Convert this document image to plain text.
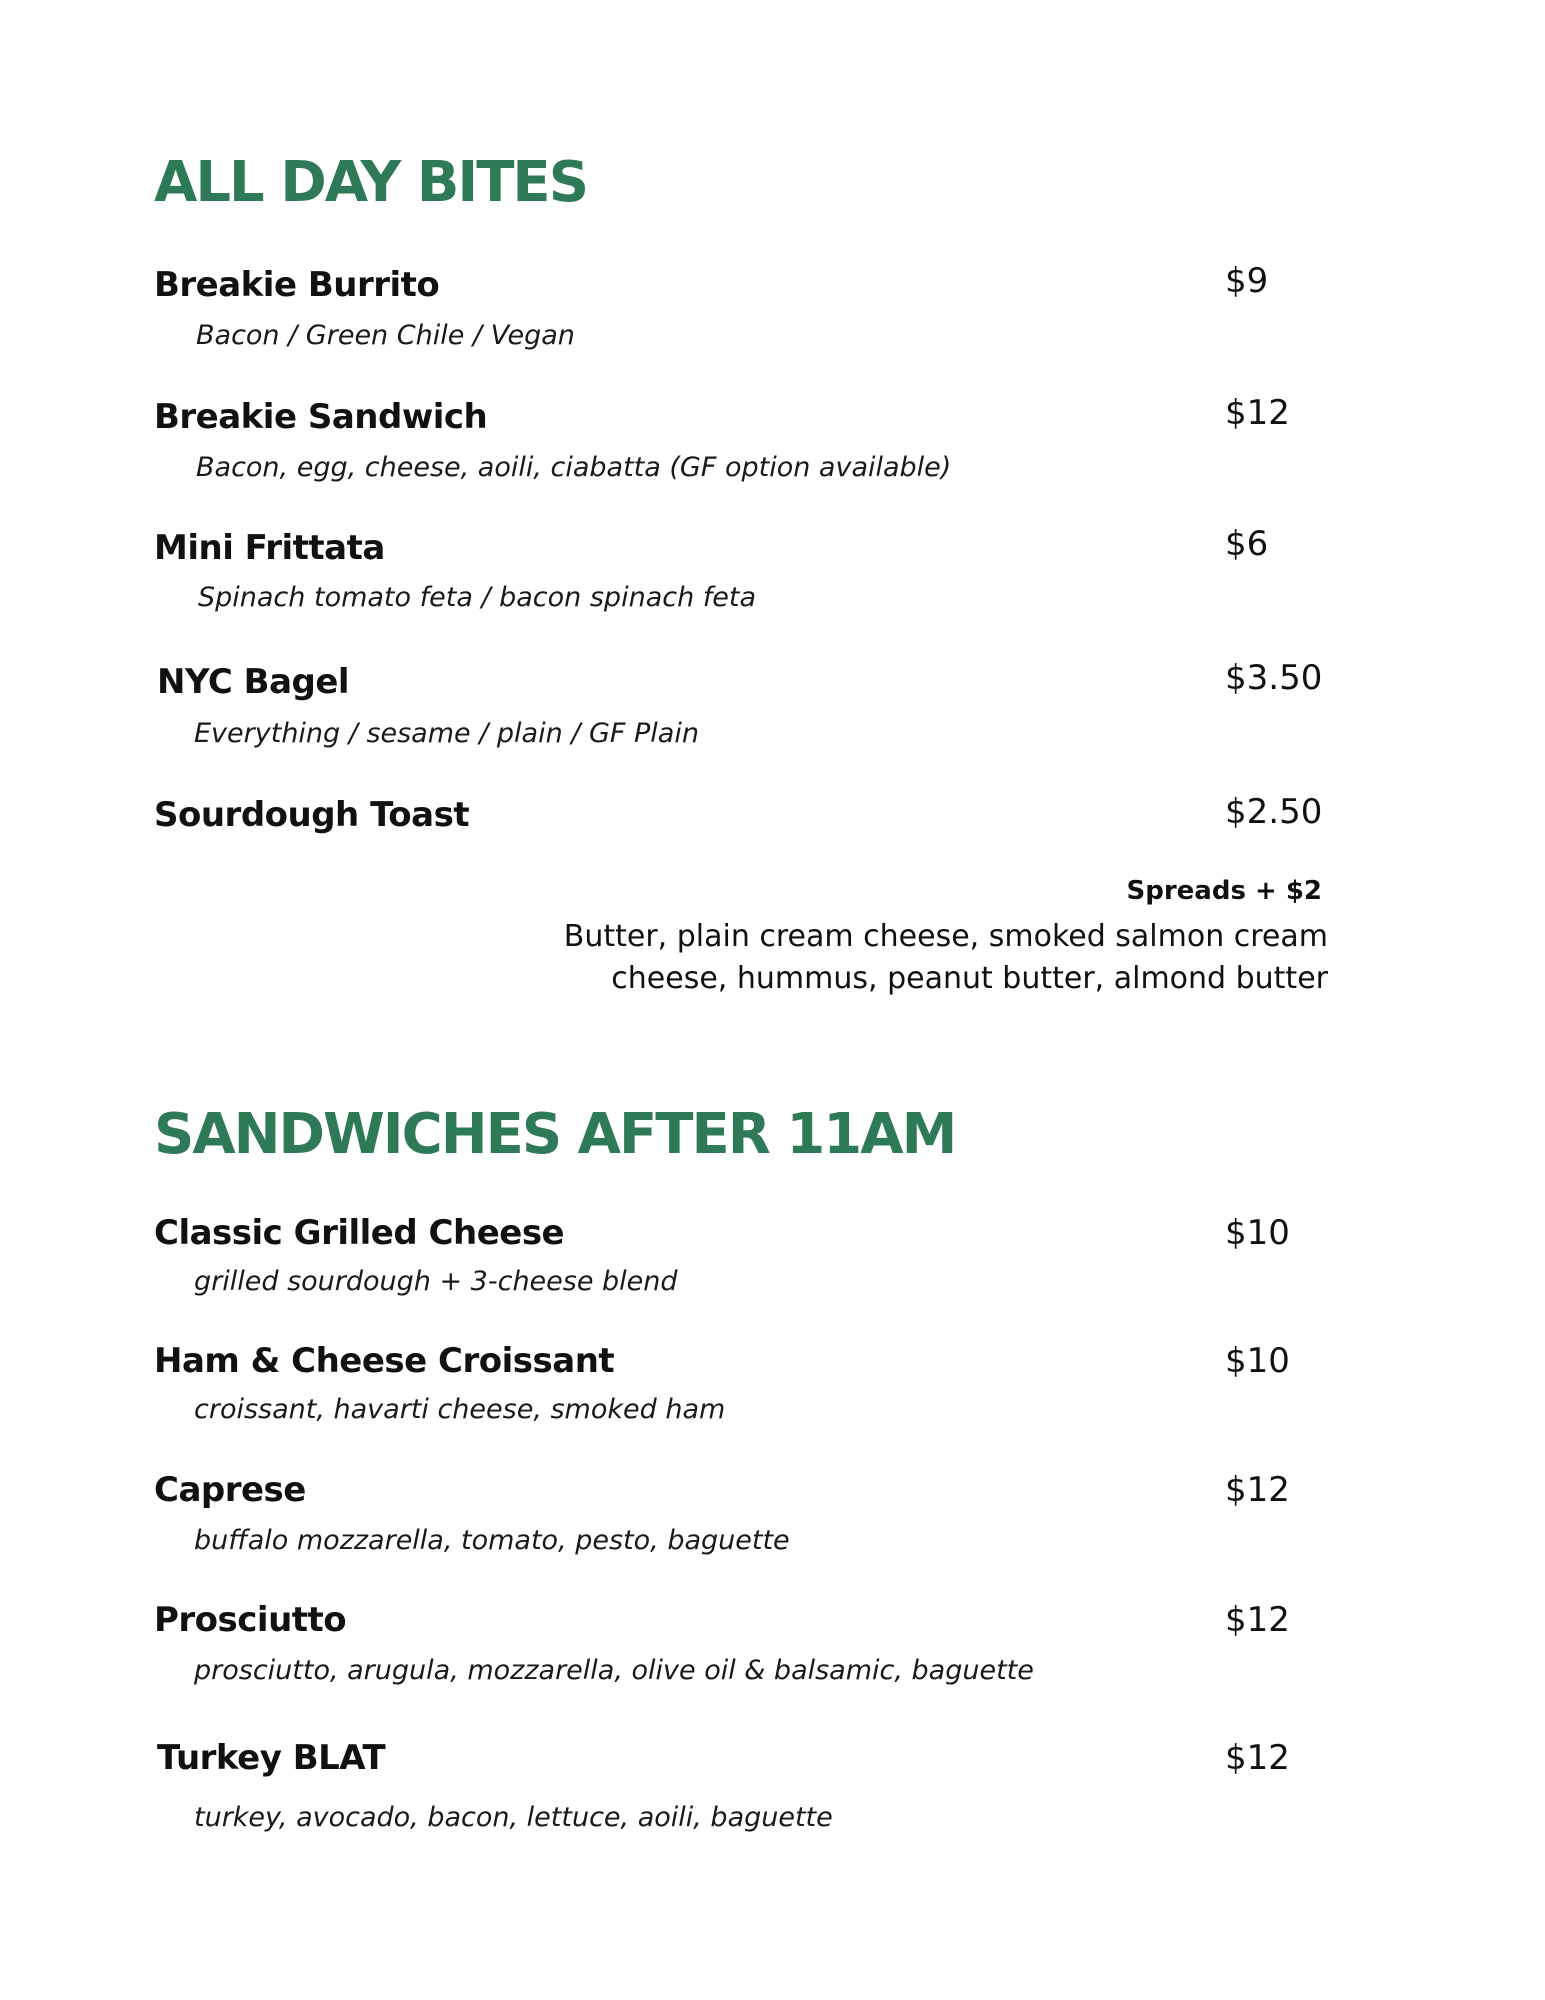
ALL DAY BITES
Breakie Burrito	$9
Bacon / Green Chile / Vegan
Breakie Sandwich	$12
Bacon, egg, cheese, aoili, ciabatta (GF option available)
Mini Frittata	$6
Spinach tomato feta / bacon spinach feta
NYC Bagel	$3.50
Everything / sesame / plain / GF Plain
Sourdough Toast	$2.50
Spreads + $2
Butter, plain cream cheese, smoked salmon cream cheese, hummus, peanut butter, almond butter
SANDWICHES AFTER 11AM
Classic Grilled Cheese	$10
grilled sourdough + 3-cheese blend
Ham & Cheese Croissant	$10
croissant, havarti cheese, smoked ham
Caprese	$12
buffalo mozzarella, tomato, pesto, baguette
Prosciutto	$12
prosciutto, arugula, mozzarella, olive oil & balsamic, baguette
Turkey BLAT	$12
turkey, avocado, bacon, lettuce, aoili, baguette
